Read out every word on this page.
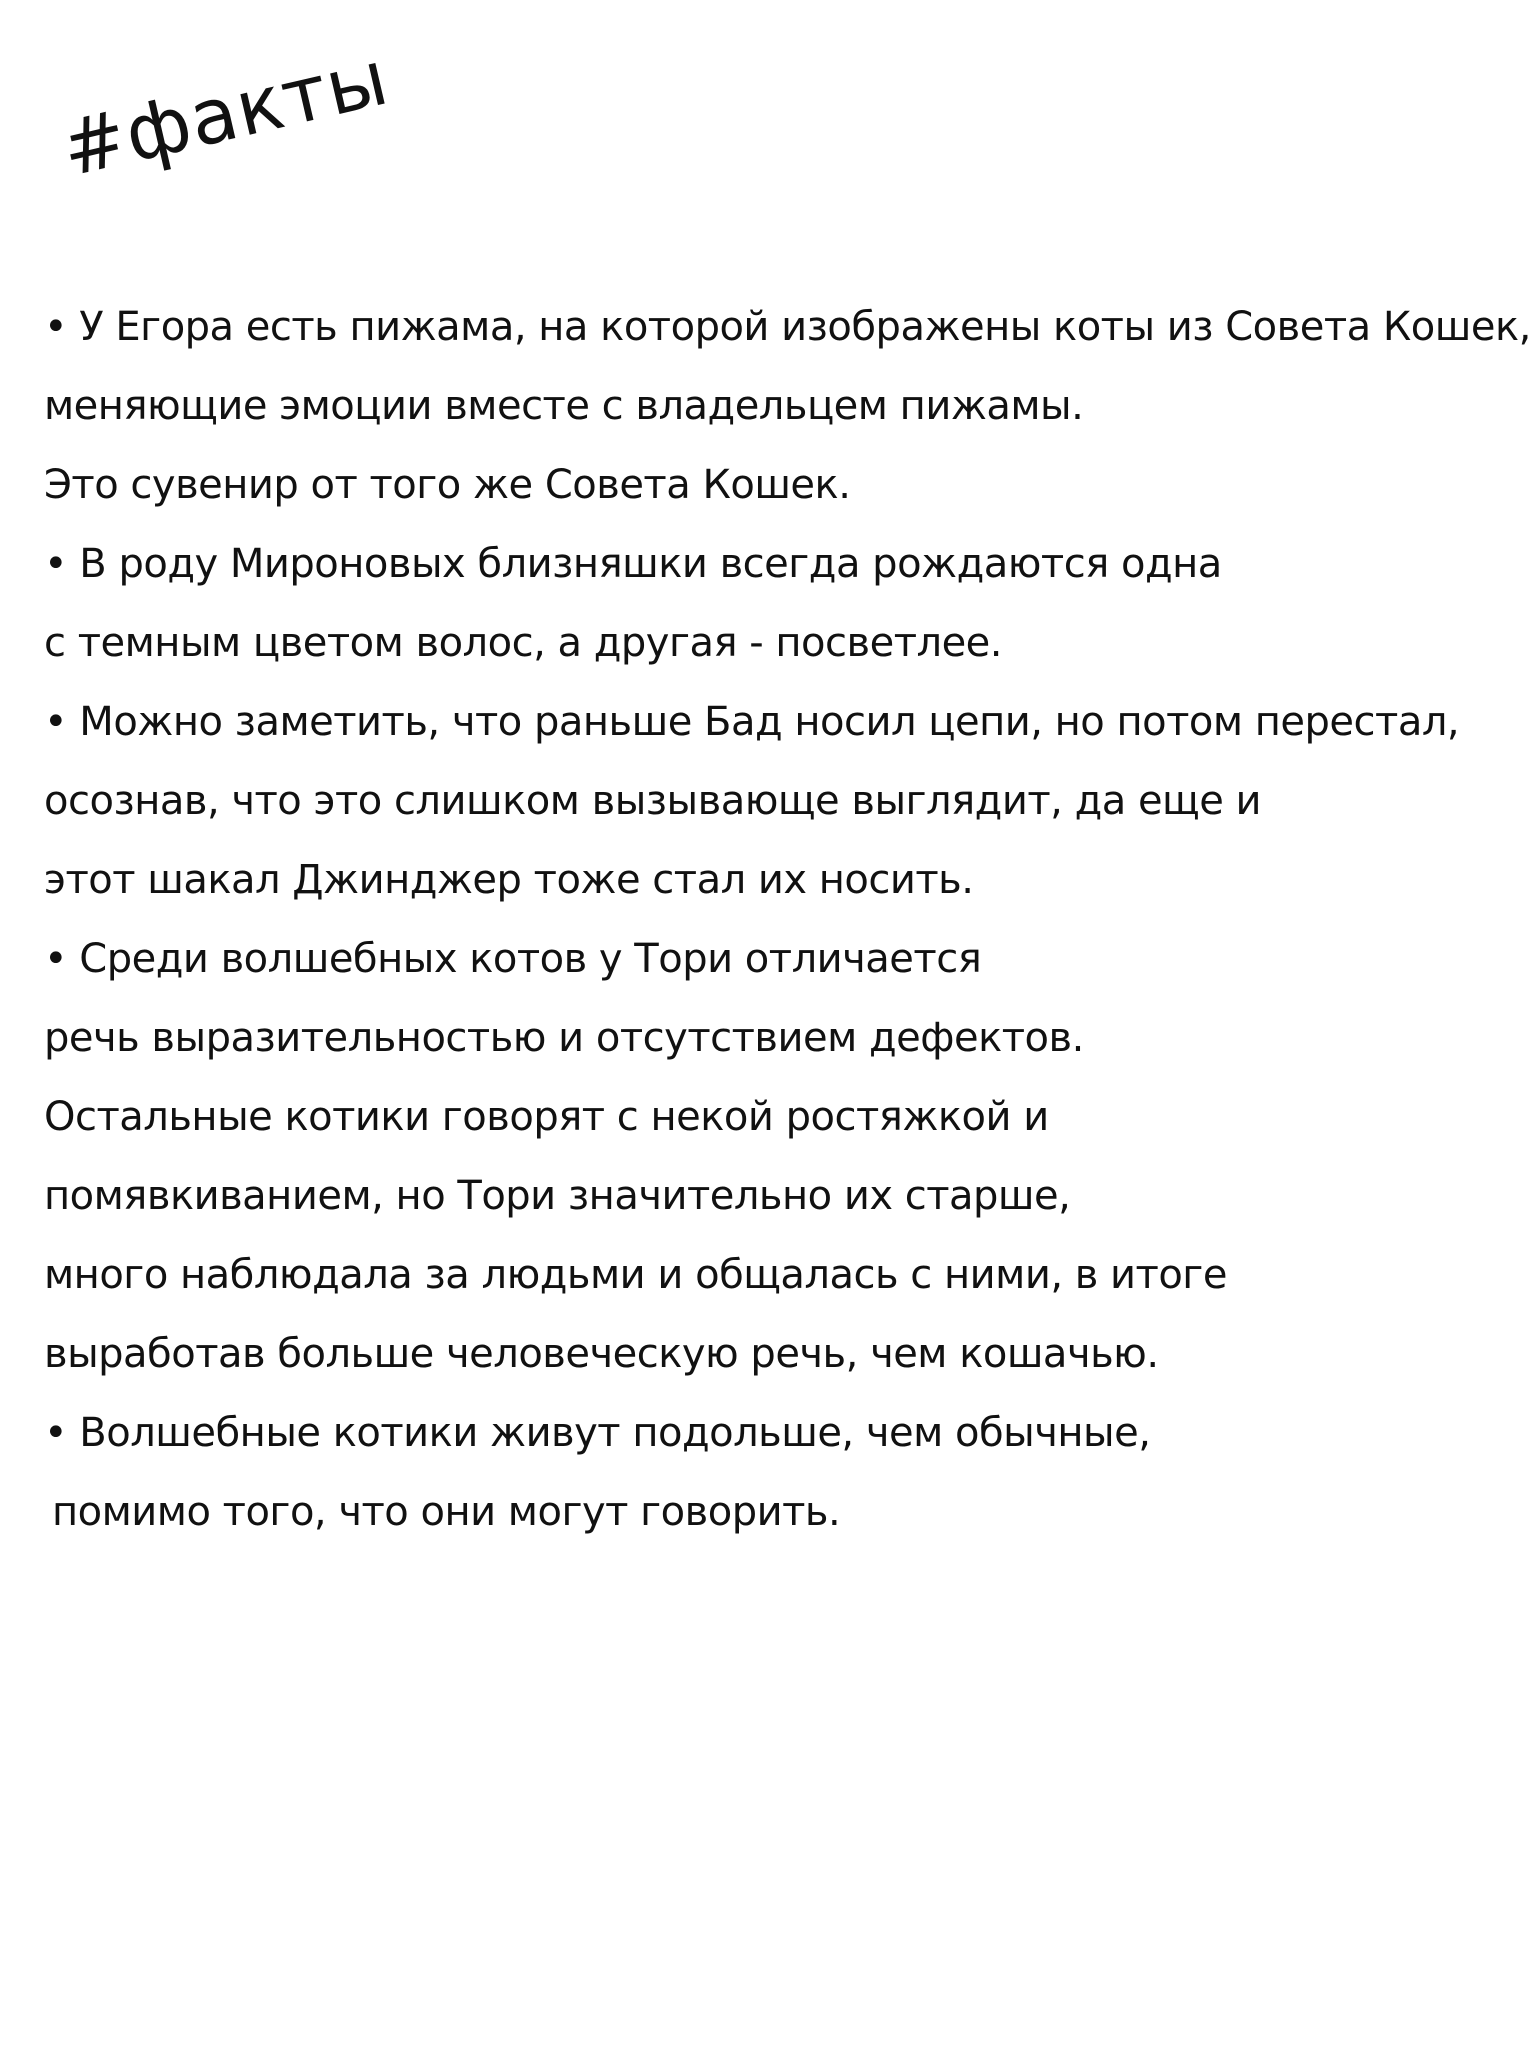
#факты
• У Егора есть пижама, на которой изображены коты из Совета Кошек,
меняющие эмоции вместе с владельцем пижамы.
Это сувенир от того же Совета Кошек.
• В роду Мироновых близняшки всегда рождаются одна
с темным цветом волос, а другая - посветлее.
• Можно заметить, что раньше Бад носил цепи, но потом перестал,
осознав, что это слишком вызывающе выглядит, да еще и
этот шакал Джинджер тоже стал их носить.
• Среди волшебных котов у Тори отличается
речь выразительностью и отсутствием дефектов.
Остальные котики говорят с некой ростяжкой и
помявкиванием, но Тори значительно их старше,
много наблюдала за людьми и общалась с ними, в итоге
выработав больше человеческую речь, чем кошачью.
• Волшебные котики живут подольше, чем обычные,
помимо того, что они могут говорить.
